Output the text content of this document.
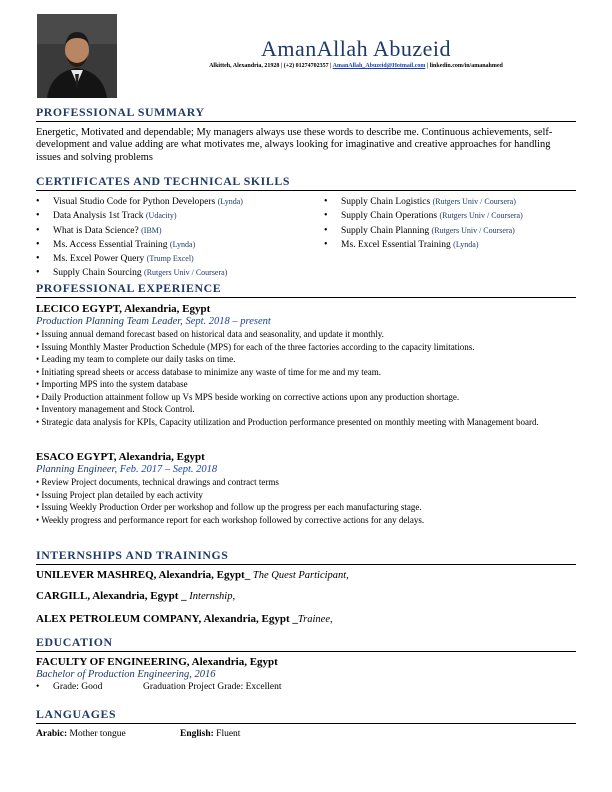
AmanAllah Abuzeid
Alkitteh, Alexandria, 21928 | (+2) 01274702357 | AmanAllah_Abuzeid@Hotmail.com | linkedin.com/in/amanahmed
PROFESSIONAL SUMMARY
Energetic, Motivated and dependable; My managers always use these words to describe me. Continuous achievements, self-development and value adding are what motivates me, always looking for imaginative and creative approaches for handling issues and solving problems
CERTIFICATES AND TECHNICAL SKILLS
• Visual Studio Code for Python Developers (Lynda)
• Data Analysis 1st Track (Udacity)
• What is Data Science? (IBM)
• Ms. Access Essential Training (Lynda)
• Ms. Excel Power Query (Trump Excel)
• Supply Chain Sourcing (Rutgers Univ / Coursera)
• Supply Chain Logistics (Rutgers Univ / Coursera)
• Supply Chain Operations (Rutgers Univ / Coursera)
• Supply Chain Planning (Rutgers Univ / Coursera)
• Ms. Excel Essential Training (Lynda)
PROFESSIONAL EXPERIENCE
LECICO EGYPT, Alexandria, Egypt
Production Planning Team Leader, Sept. 2018 – present
• Issuing annual demand forecast based on historical data and seasonality, and update it monthly.
• Issuing Monthly Master Production Schedule (MPS) for each of the three factories according to the capacity limitations.
• Leading my team to complete our daily tasks on time.
• Initiating spread sheets or access database to minimize any waste of time for me and my team.
• Importing MPS into the system database
• Daily Production attainment follow up Vs MPS beside working on corrective actions upon any production shortage.
• Inventory management and Stock Control.
• Strategic data analysis for KPIs, Capacity utilization and Production performance presented on monthly meeting with Management board.
ESACO EGYPT, Alexandria, Egypt
Planning Engineer, Feb. 2017 – Sept. 2018
• Review Project documents, technical drawings and contract terms
• Issuing Project plan detailed by each activity
• Issuing Weekly Production Order per workshop and follow up the progress per each manufacturing stage.
• Weekly progress and performance report for each workshop followed by corrective actions for any delays.
INTERNSHIPS AND TRAININGS
UNILEVER MASHREQ, Alexandria, Egypt_ The Quest Participant,
CARGILL, Alexandria, Egypt _ Internship,
ALEX PETROLEUM COMPANY, Alexandria, Egypt _Trainee,
EDUCATION
FACULTY OF ENGINEERING, Alexandria, Egypt
Bachelor of Production Engineering, 2016
• Grade: Good	Graduation Project Grade: Excellent
LANGUAGES
Arabic: Mother tongue	English: Fluent
